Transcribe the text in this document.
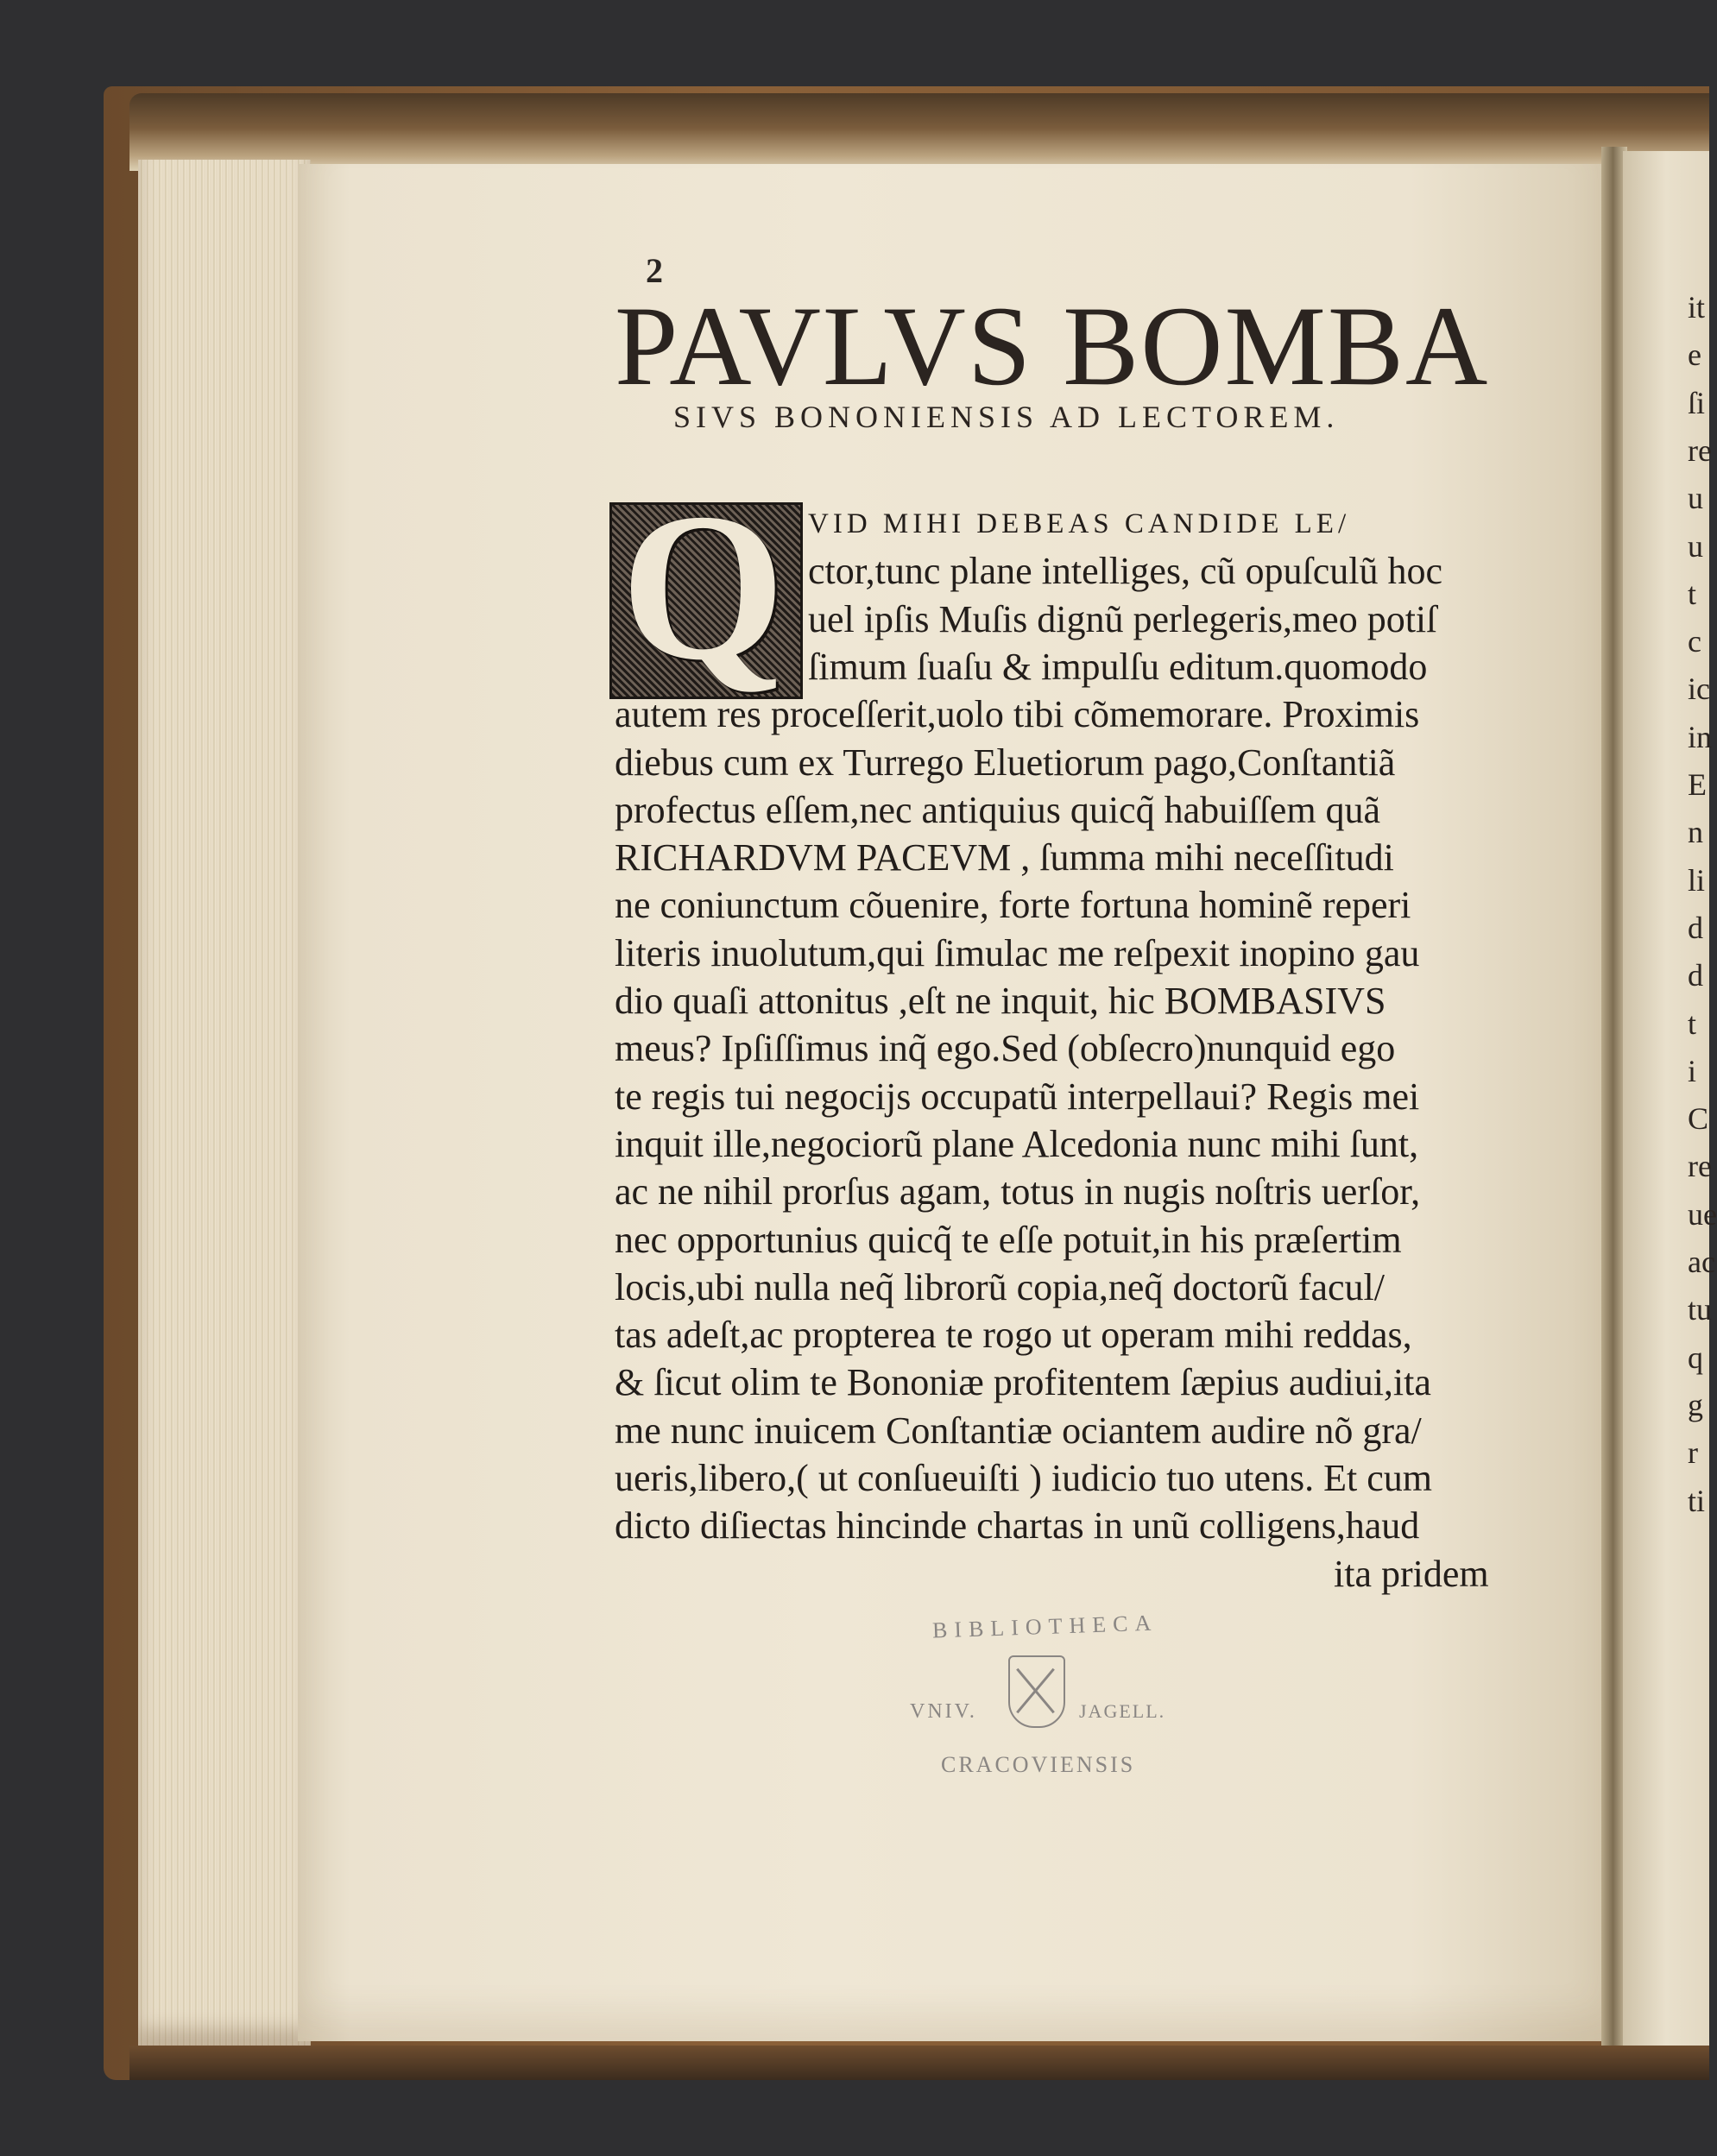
2
PAVLVS BOMBA
SIVS BONONIENSIS AD LECTOREM.
Q VID MIHI DEBEAS CANDIDE LE/
ctor,tunc plane intelliges, cũ opuſculũ hoc
uel ipſis Muſis dignũ perlegeris,meo potiſ
ſimum ſuaſu & impulſu editum.quomodo
autem res proceſſerit,uolo tibi cõmemorare. Proximis
diebus cum ex Turrego Eluetiorum pago,Conſtantiã
profectus eſſem,nec antiquius quicq̃ habuiſſem quã
RICHARDVM PACEVM , ſumma mihi neceſſitudi
ne coniunctum cõuenire, forte fortuna hominẽ reperi
literis inuolutum,qui ſimulac me reſpexit inopino gau
dio quaſi attonitus ,eſt ne inquit, hic BOMBASIVS
meus? Ipſiſſimus inq̃ ego.Sed (obſecro)nunquid ego
te regis tui negocijs occupatũ interpellaui? Regis mei
inquit ille,negociorũ plane Alcedonia nunc mihi ſunt,
ac ne nihil prorſus agam, totus in nugis noſtris uerſor,
nec opportunius quicq̃ te eſſe potuit,in his præſertim
locis,ubi nulla neq̃ librorũ copia,neq̃ doctorũ facul/
tas adeſt,ac propterea te rogo ut operam mihi reddas,
& ſicut olim te Bononiæ profitentem ſæpius audiui,ita
me nunc inuicem Conſtantiæ ociantem audire nõ gra/
ueris,libero,( ut conſueuiſti ) iudicio tuo utens. Et cum
dicto diſiectas hincinde chartas in unũ colligens,haud
ita pridem
BIBLIOTHECA
VNIV.	JAGELL.
CRACOVIENSIS
it
e
ſi
re
u
u
t
c
ic
in
E
n
li
d
d
t
i
C
re
ue
ac
tu
q
g
r
ti
